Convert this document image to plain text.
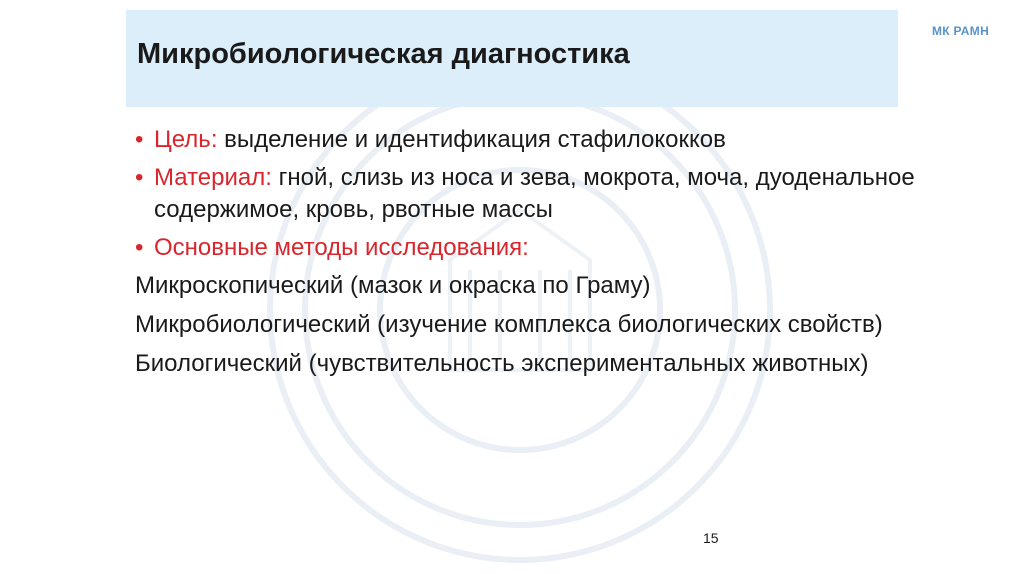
Микробиологическая диагностика
МК РАМН
• Цель: выделение и идентификация стафилококков
• Материал: гной, слизь из носа и зева, мокрота, моча, дуоденальное содержимое, кровь, рвотные массы
• Основные методы исследования:
Микроскопический (мазок и окраска по Граму)
Микробиологический (изучение комплекса биологических свойств)
Биологический (чувствительность экспериментальных животных)
15
